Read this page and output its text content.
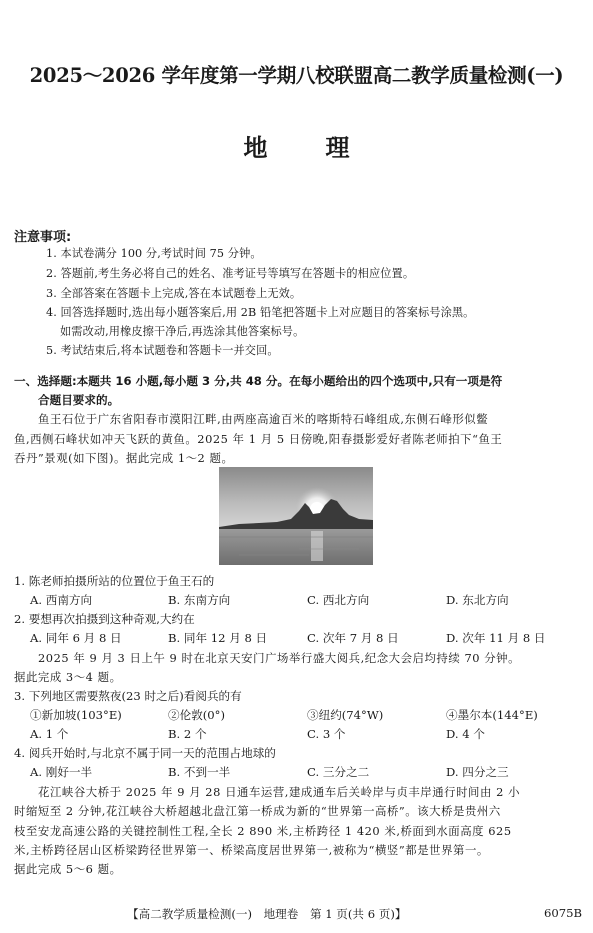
2025～2026 学年度第一学期八校联盟高二教学质量检测(一)
地 理
注意事项:
1. 本试卷满分 100 分,考试时间 75 分钟。
2. 答题前,考生务必将自己的姓名、准考证号等填写在答题卡的相应位置。
3. 全部答案在答题卡上完成,答在本试题卷上无效。
4. 回答选择题时,选出每小题答案后,用 2B 铅笔把答题卡上对应题目的答案标号涂黑。
如需改动,用橡皮擦干净后,再选涂其他答案标号。
5. 考试结束后,将本试题卷和答题卡一并交回。
一、选择题:本题共 16 小题,每小题 3 分,共 48 分。在每小题给出的四个选项中,只有一项是符
合题目要求的。
鱼王石位于广东省阳春市漠阳江畔,由两座高逾百米的喀斯特石峰组成,东侧石峰形似鳖
鱼,西侧石峰状如冲天飞跃的黄鱼。2025 年 1 月 5 日傍晚,阳春摄影爱好者陈老师拍下“鱼王
吞丹”景观(如下图)。据此完成 1～2 题。
1. 陈老师拍摄所站的位置位于鱼王石的
A. 西南方向	B. 东南方向	C. 西北方向	D. 东北方向
2. 要想再次拍摄到这种奇观,大约在
A. 同年 6 月 8 日	B. 同年 12 月 8 日	C. 次年 7 月 8 日	D. 次年 11 月 8 日
2025 年 9 月 3 日上午 9 时在北京天安门广场举行盛大阅兵,纪念大会启均持续 70 分钟。
据此完成 3～4 题。
3. 下列地区需要熬夜(23 时之后)看阅兵的有
①新加坡(103°E)	②伦敦(0°)	③纽约(74°W)	④墨尔本(144°E)
A. 1 个	B. 2 个	C. 3 个	D. 4 个
4. 阅兵开始时,与北京不属于同一天的范围占地球的
A. 刚好一半	B. 不到一半	C. 三分之二	D. 四分之三
花江峡谷大桥于 2025 年 9 月 28 日通车运营,建成通车后关岭岸与贞丰岸通行时间由 2 小
时缩短至 2 分钟,花江峡谷大桥超越北盘江第一桥成为新的“世界第一高桥”。该大桥是贵州六
枝至安龙高速公路的关键控制性工程,全长 2 890 米,主桥跨径 1 420 米,桥面到水面高度 625
米,主桥跨径居山区桥梁跨径世界第一、桥梁高度居世界第一,被称为“横竖”都是世界第一。
据此完成 5～6 题。
【高二教学质量检测(一)　地理卷　第 1 页(共 6 页)】	6075B
